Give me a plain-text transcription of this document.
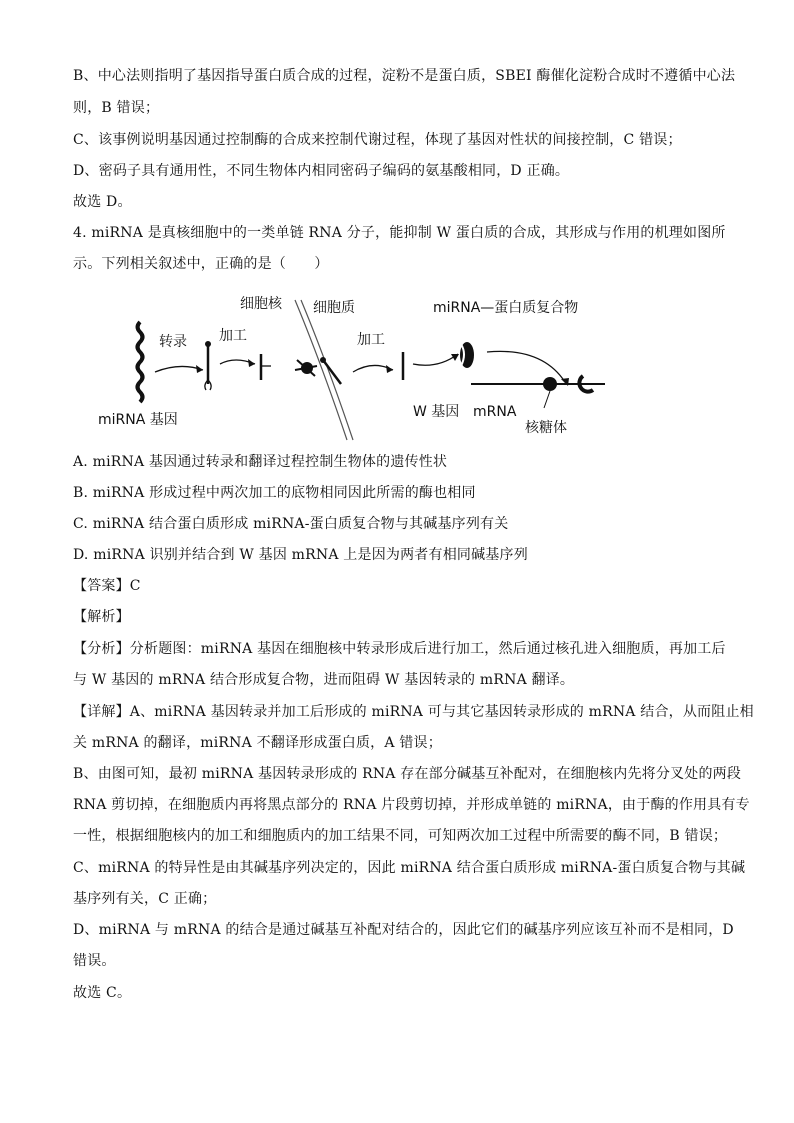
B、中心法则指明了基因指导蛋白质合成的过程，淀粉不是蛋白质，SBEI 酶催化淀粉合成时不遵循中心法
则，B 错误；
C、该事例说明基因通过控制酶的合成来控制代谢过程，体现了基因对性状的间接控制，C 错误；
D、密码子具有通用性，不同生物体内相同密码子编码的氨基酸相同，D 正确。
故选 D。
4. miRNA 是真核细胞中的一类单链 RNA 分子，能抑制 W 蛋白质的合成，其形成与作用的机理如图所
示。下列相关叙述中，正确的是（　　）
细胞核 细胞质
转录 加工	加工
miRNA—蛋白质复合物
miRNA 基因	W 基因 mRNA
核糖体
A. miRNA 基因通过转录和翻译过程控制生物体的遗传性状
B. miRNA 形成过程中两次加工的底物相同因此所需的酶也相同
C. miRNA 结合蛋白质形成 miRNA-蛋白质复合物与其碱基序列有关
D. miRNA 识别并结合到 W 基因 mRNA 上是因为两者有相同碱基序列
【答案】C
【解析】
【分析】分析题图：miRNA 基因在细胞核中转录形成后进行加工，然后通过核孔进入细胞质，再加工后
与 W 基因的 mRNA 结合形成复合物，进而阻碍 W 基因转录的 mRNA 翻译。
【详解】A、miRNA 基因转录并加工后形成的 miRNA 可与其它基因转录形成的 mRNA 结合，从而阻止相
关 mRNA 的翻译，miRNA 不翻译形成蛋白质，A 错误；
B、由图可知，最初 miRNA 基因转录形成的 RNA 存在部分碱基互补配对，在细胞核内先将分叉处的两段
RNA 剪切掉，在细胞质内再将黑点部分的 RNA 片段剪切掉，并形成单链的 miRNA，由于酶的作用具有专
一性，根据细胞核内的加工和细胞质内的加工结果不同，可知两次加工过程中所需要的酶不同，B 错误；
C、miRNA 的特异性是由其碱基序列决定的，因此 miRNA 结合蛋白质形成 miRNA-蛋白质复合物与其碱
基序列有关，C 正确；
D、miRNA 与 mRNA 的结合是通过碱基互补配对结合的，因此它们的碱基序列应该互补而不是相同，D
错误。
故选 C。
